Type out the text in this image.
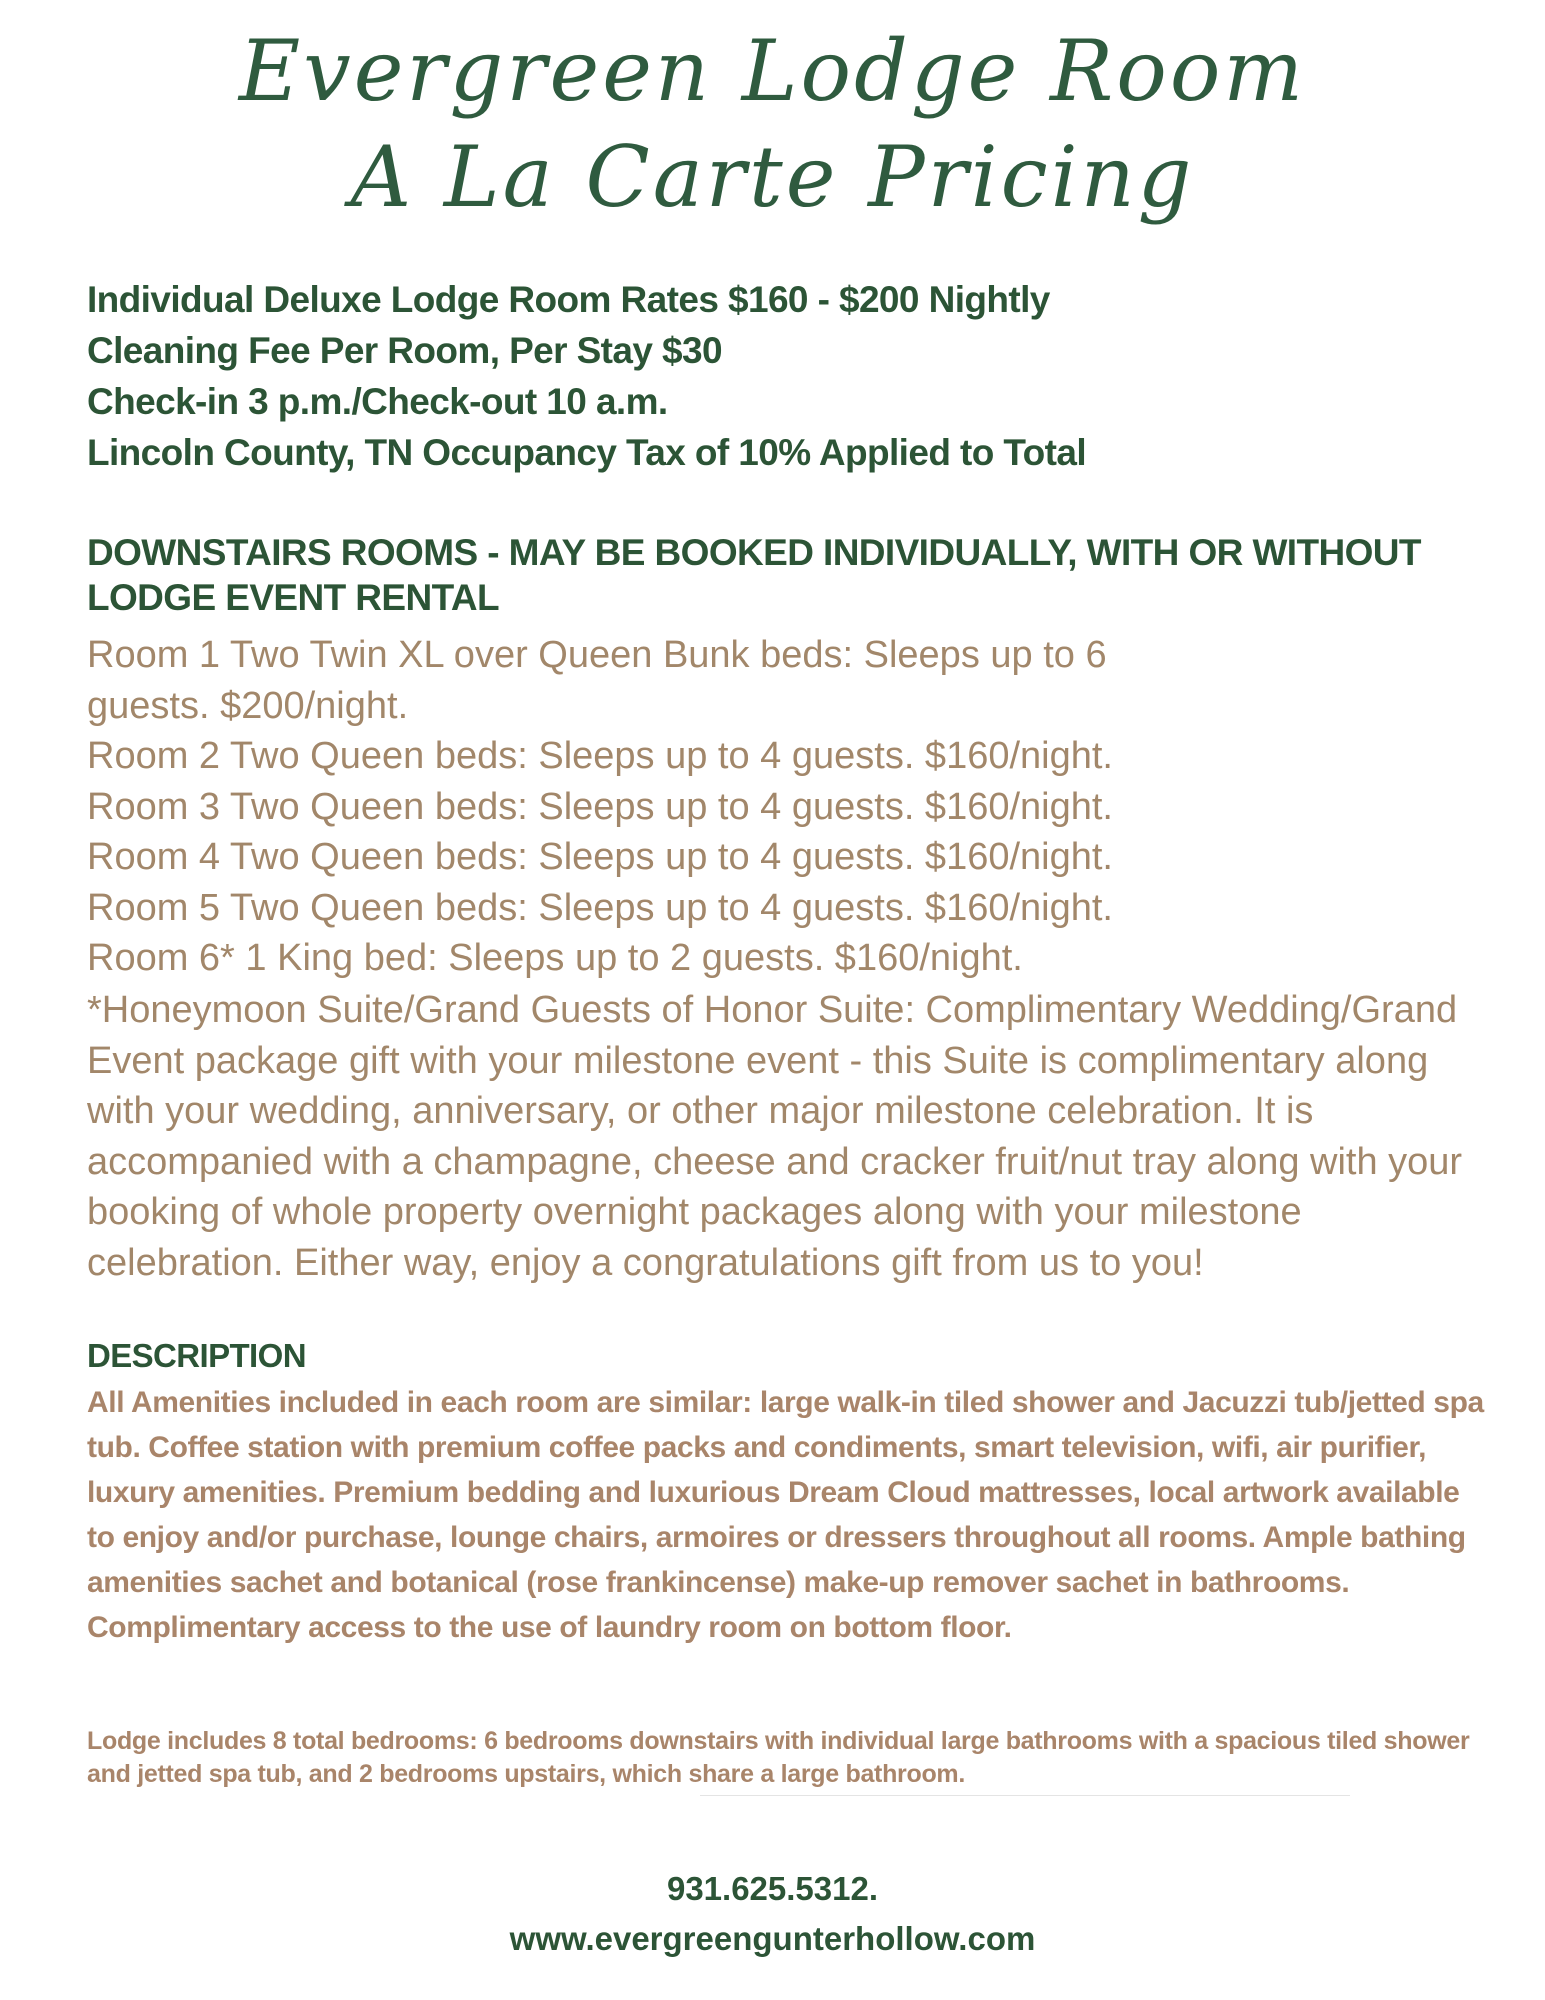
Evergreen Lodge Room
A La Carte Pricing
Individual Deluxe Lodge Room Rates $160 - $200 Nightly
Cleaning Fee Per Room, Per Stay $30
Check-in 3 p.m./Check-out 10 a.m.
Lincoln County, TN Occupancy Tax of 10% Applied to Total
DOWNSTAIRS ROOMS - MAY BE BOOKED INDIVIDUALLY, WITH OR WITHOUT LODGE EVENT RENTAL
Room 1 Two Twin XL over Queen Bunk beds: Sleeps up to 6
guests. $200/night.
Room 2 Two Queen beds: Sleeps up to 4 guests. $160/night.
Room 3 Two Queen beds: Sleeps up to 4 guests. $160/night.
Room 4 Two Queen beds: Sleeps up to 4 guests. $160/night.
Room 5 Two Queen beds: Sleeps up to 4 guests. $160/night.
Room 6* 1 King bed: Sleeps up to 2 guests. $160/night.
*Honeymoon Suite/Grand Guests of Honor Suite: Complimentary Wedding/Grand Event package gift with your milestone event - this Suite is complimentary along with your wedding, anniversary, or other major milestone celebration. It is accompanied with a champagne, cheese and cracker fruit/nut tray along with your booking of whole property overnight packages along with your milestone celebration. Either way, enjoy a congratulations gift from us to you!
DESCRIPTION
All Amenities included in each room are similar: large walk-in tiled shower and Jacuzzi tub/jetted spa tub. Coffee station with premium coffee packs and condiments, smart television, wifi, air purifier, luxury amenities. Premium bedding and luxurious Dream Cloud mattresses, local artwork available to enjoy and/or purchase, lounge chairs, armoires or dressers throughout all rooms. Ample bathing amenities sachet and botanical (rose frankincense) make-up remover sachet in bathrooms. Complimentary access to the use of laundry room on bottom floor.
Lodge includes 8 total bedrooms: 6 bedrooms downstairs with individual large bathrooms with a spacious tiled shower and jetted spa tub, and 2 bedrooms upstairs, which share a large bathroom.
931.625.5312.
www.evergreengunterhollow.com
